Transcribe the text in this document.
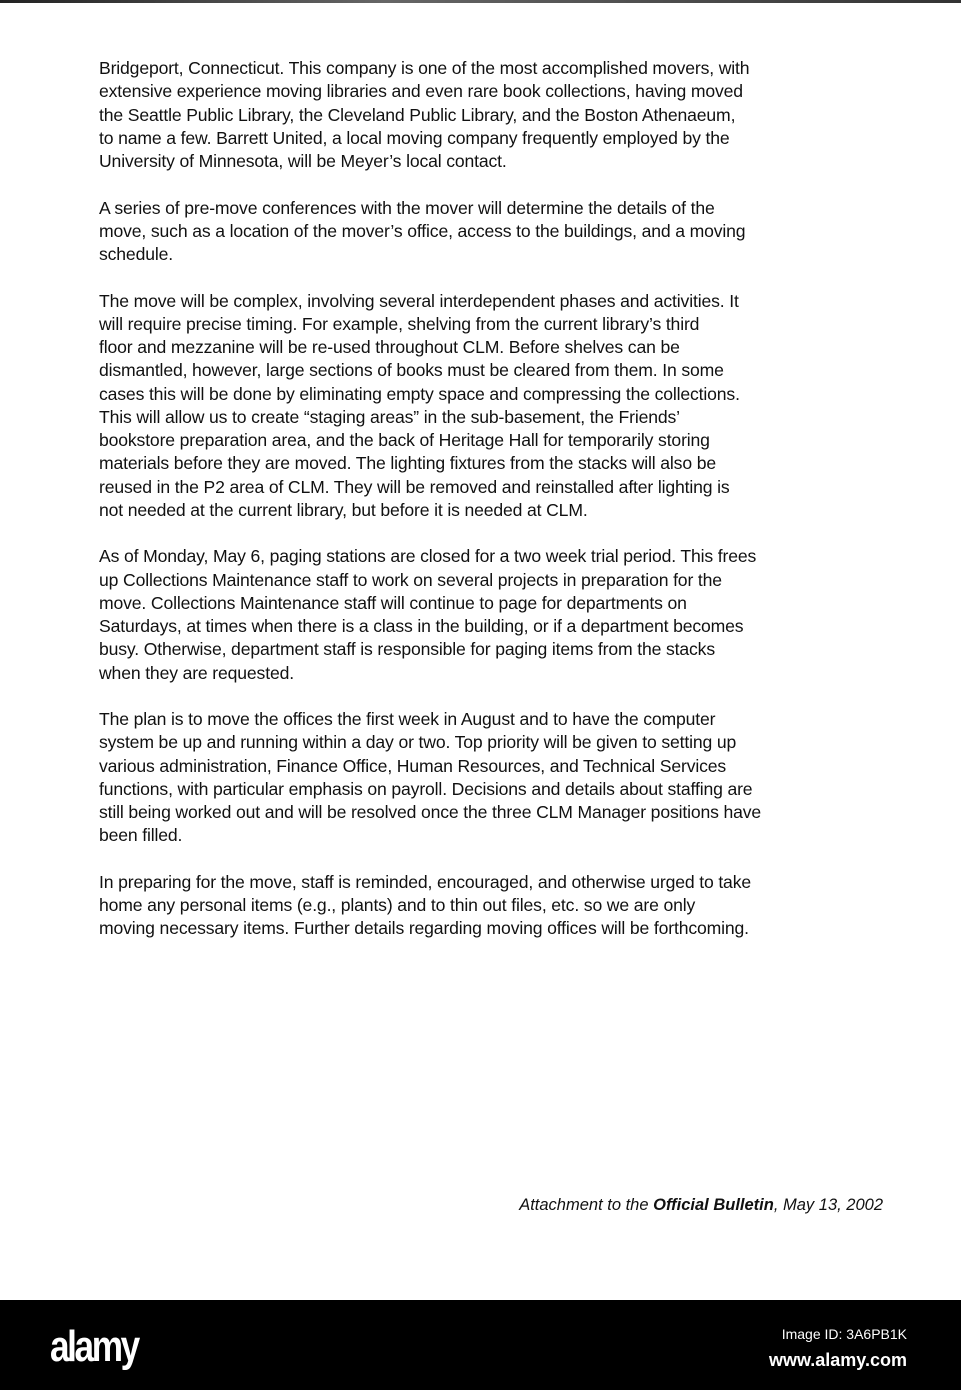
Bridgeport, Connecticut. This company is one of the most accomplished movers, with
extensive experience moving libraries and even rare book collections, having moved
the Seattle Public Library, the Cleveland Public Library, and the Boston Athenaeum,
to name a few. Barrett United, a local moving company frequently employed by the
University of Minnesota, will be Meyer’s local contact.
A series of pre-move conferences with the mover will determine the details of the
move, such as a location of the mover’s office, access to the buildings, and a moving
schedule.
The move will be complex, involving several interdependent phases and activities. It
will require precise timing. For example, shelving from the current library’s third
floor and mezzanine will be re-used throughout CLM. Before shelves can be
dismantled, however, large sections of books must be cleared from them. In some
cases this will be done by eliminating empty space and compressing the collections.
This will allow us to create “staging areas” in the sub-basement, the Friends’
bookstore preparation area, and the back of Heritage Hall for temporarily storing
materials before they are moved. The lighting fixtures from the stacks will also be
reused in the P2 area of CLM. They will be removed and reinstalled after lighting is
not needed at the current library, but before it is needed at CLM.
As of Monday, May 6, paging stations are closed for a two week trial period. This frees
up Collections Maintenance staff to work on several projects in preparation for the
move. Collections Maintenance staff will continue to page for departments on
Saturdays, at times when there is a class in the building, or if a department becomes
busy. Otherwise, department staff is responsible for paging items from the stacks
when they are requested.
The plan is to move the offices the first week in August and to have the computer
system be up and running within a day or two. Top priority will be given to setting up
various administration, Finance Office, Human Resources, and Technical Services
functions, with particular emphasis on payroll. Decisions and details about staffing are
still being worked out and will be resolved once the three CLM Manager positions have
been filled.
In preparing for the move, staff is reminded, encouraged, and otherwise urged to take
home any personal items (e.g., plants) and to thin out files, etc. so we are only
moving necessary items. Further details regarding moving offices will be forthcoming.
Attachment to the Official Bulletin, May 13, 2002
alamy	Image ID: 3A6PB1K
www.alamy.com
